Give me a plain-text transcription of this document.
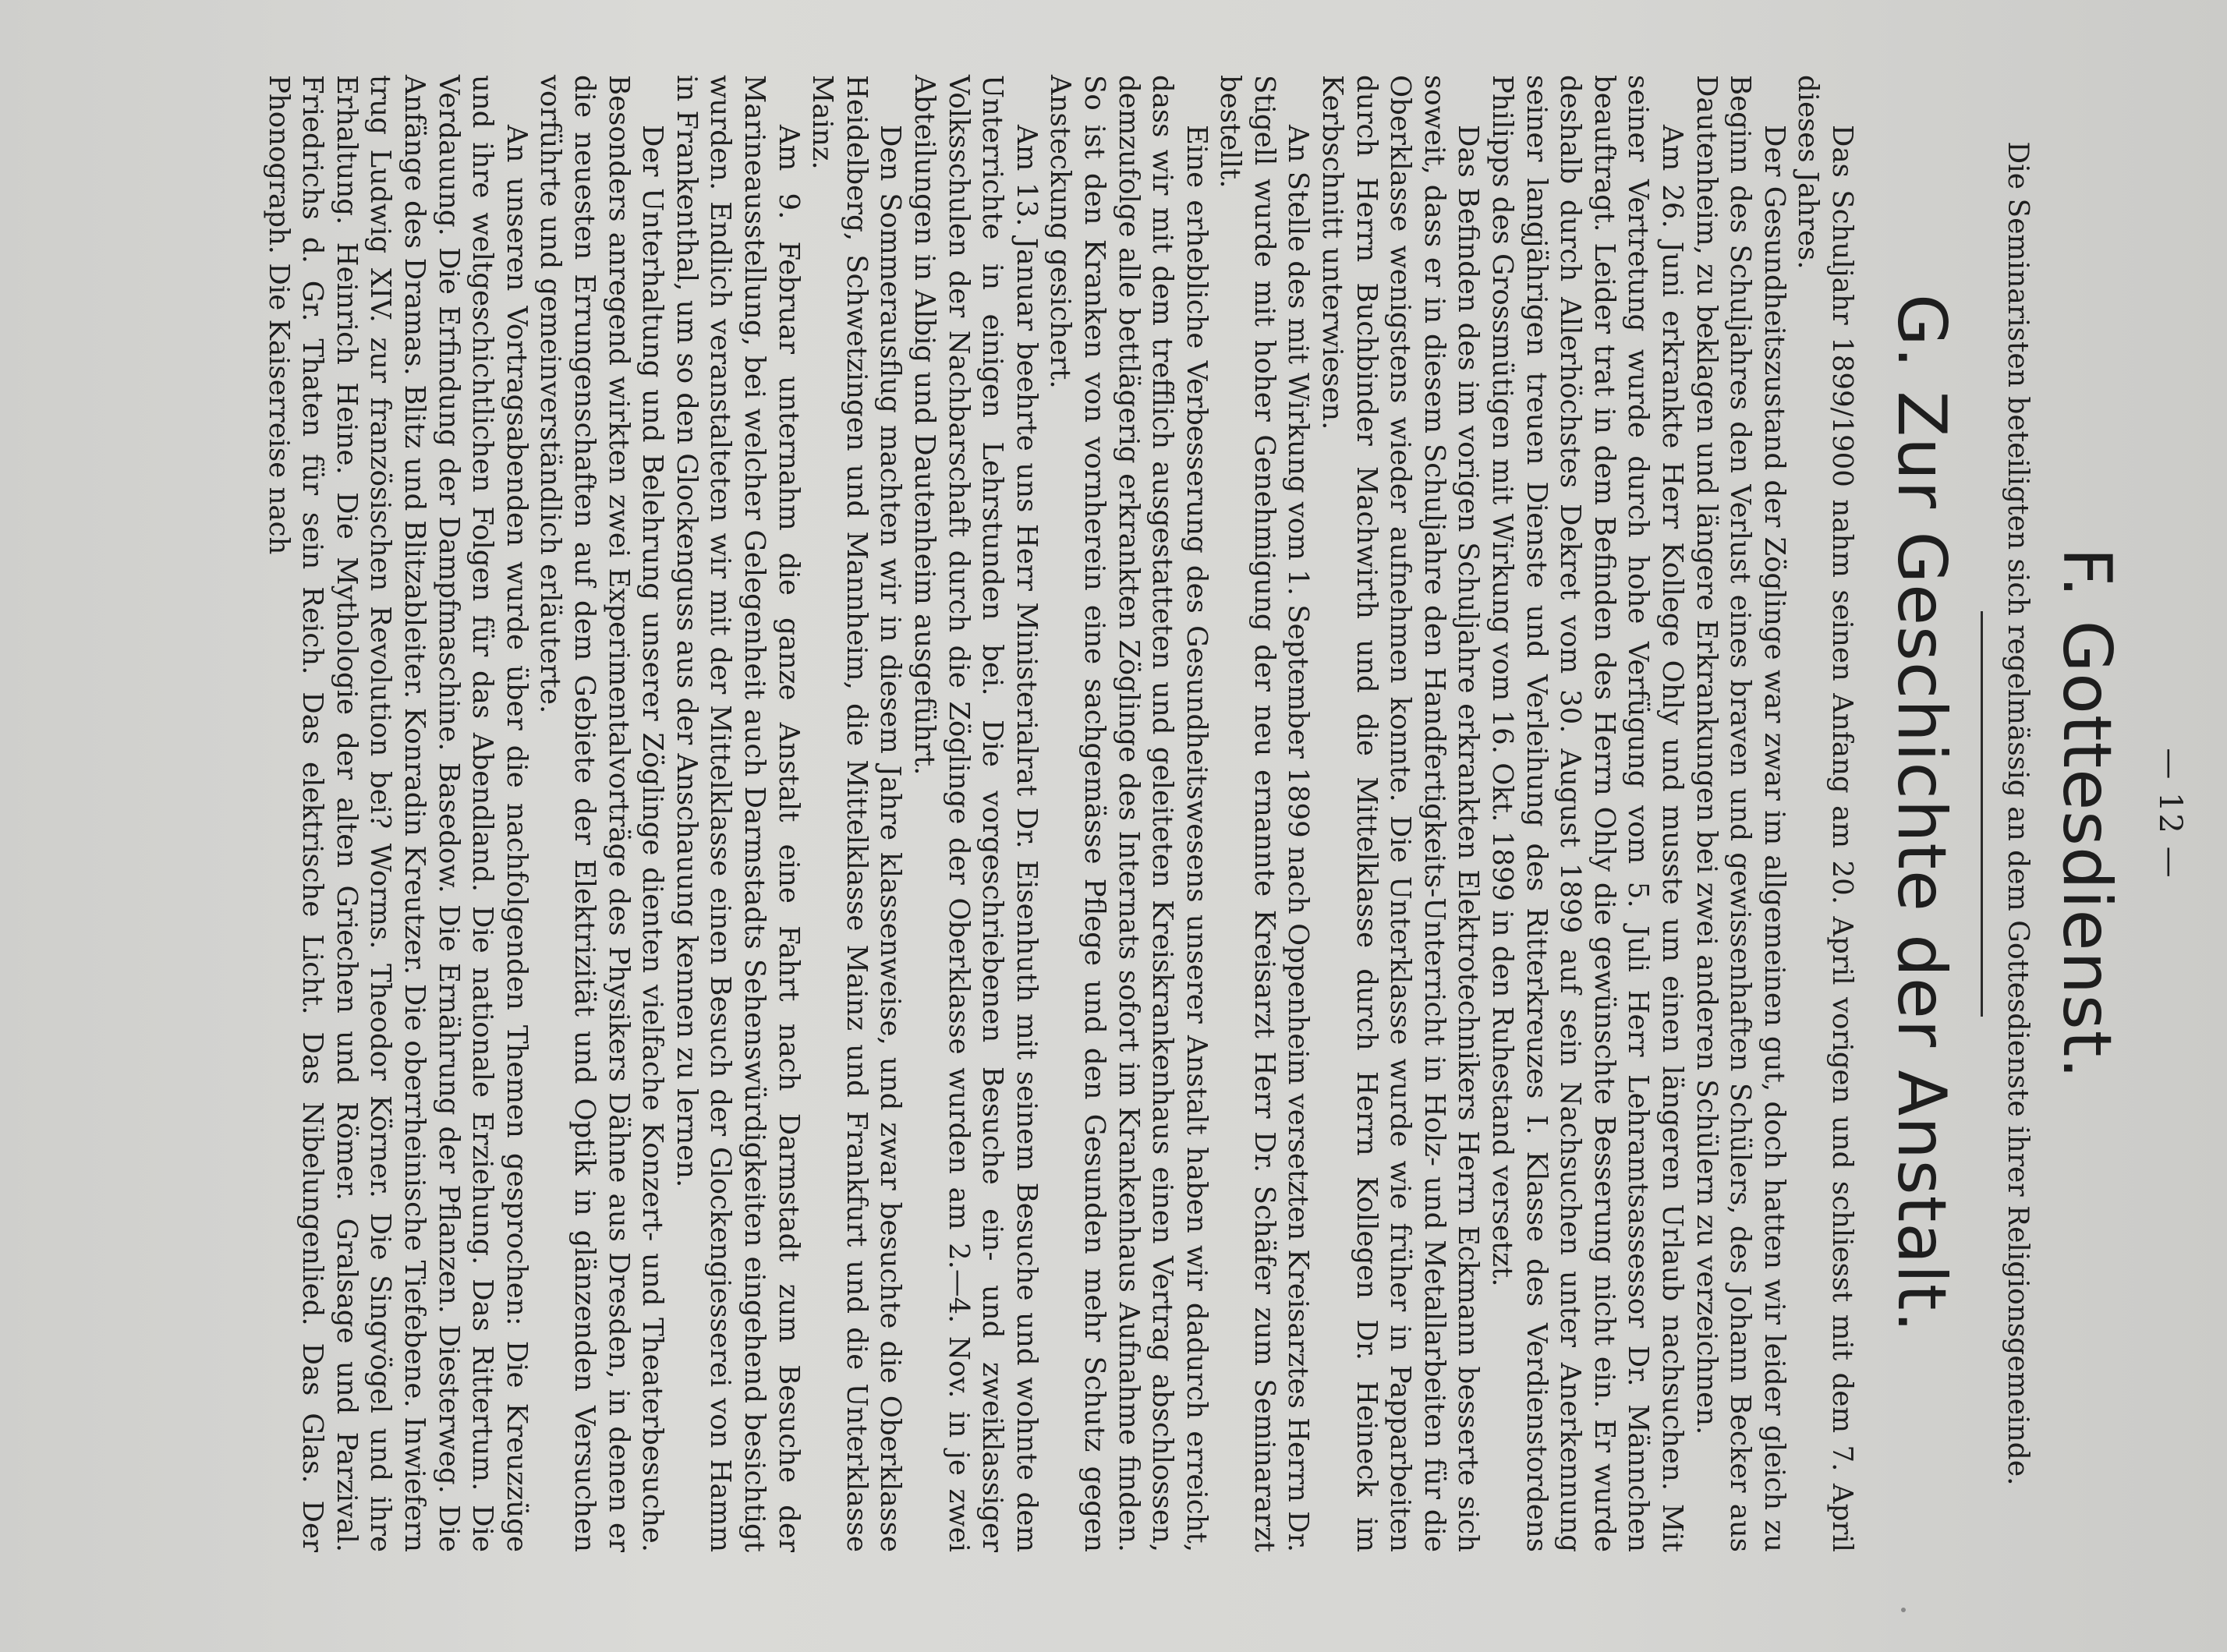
— 12 —
F. Gottesdienst.
Die Seminaristen beteiligten sich regelmässig an dem Gottesdienste ihrer Religionsgemeinde.
G. Zur Geschichte der Anstalt.

Das Schuljahr 1899/1900 nahm seinen Anfang am 20. April vorigen und schliesst mit dem 7. April dieses Jahres.

Der Gesundheitszustand der Zöglinge war zwar im allgemeinen gut, doch hatten wir leider gleich zu Beginn des Schuljahres den Verlust eines braven und gewissenhaften Schülers, des Johann Becker aus Dautenheim, zu beklagen und längere Erkrankungen bei zwei anderen Schülern zu verzeichnen.

Am 26. Juni erkrankte Herr Kollege Ohly und musste um einen längeren Urlaub nachsuchen. Mit seiner Vertretung wurde durch hohe Verfügung vom 5. Juli Herr Lehramtsassessor Dr. Männchen beauftragt. Leider trat in dem Befinden des Herrn Ohly die gewünschte Besserung nicht ein. Er wurde deshalb durch Allerhöchstes Dekret vom 30. August 1899 auf sein Nachsuchen unter Anerkennung seiner langjährigen treuen Dienste und Verleihung des Ritterkreuzes I. Klasse des Verdienstordens Philipps des Grossmütigen mit Wirkung vom 16. Okt. 1899 in den Ruhestand versetzt.

Das Befinden des im vorigen Schuljahre erkrankten Elektrotechnikers Herrn Eckmann besserte sich soweit, dass er in diesem Schuljahre den Handfertigkeits-Unterricht in Holz- und Metallarbeiten für die Oberklasse wenigstens wieder aufnehmen konnte. Die Unterklasse wurde wie früher in Papparbeiten durch Herrn Buchbinder Machwirth und die Mittelklasse durch Herrn Kollegen Dr. Heineck im Kerbschnitt unterwiesen.

An Stelle des mit Wirkung vom 1. September 1899 nach Oppenheim versetzten Kreisarztes Herrn Dr. Stigell wurde mit hoher Genehmigung der neu ernannte Kreisarzt Herr Dr. Schäfer zum Seminararzt bestellt.

Eine erhebliche Verbesserung des Gesundheitswesens unserer Anstalt haben wir dadurch erreicht, dass wir mit dem trefflich ausgestatteten und geleiteten Kreiskrankenhaus einen Vertrag abschlossen, demzufolge alle bettlägerig erkrankten Zöglinge des Internats sofort im Krankenhaus Aufnahme finden. So ist den Kranken von vornherein eine sachgemässe Pflege und den Gesunden mehr Schutz gegen Ansteckung gesichert.

Am 13. Januar beehrte uns Herr Ministerialrat Dr. Eisenhuth mit seinem Besuche und wohnte dem Unterrichte in einigen Lehrstunden bei. Die vorgeschriebenen Besuche ein- und zweiklassiger Volksschulen der Nachbarschaft durch die Zöglinge der Oberklasse wurden am 2.—4. Nov. in je zwei Abteilungen in Albig und Dautenheim ausgeführt.

Den Sommerausflug machten wir in diesem Jahre klassenweise, und zwar besuchte die Oberklasse Heidelberg, Schwetzingen und Mannheim, die Mittelklasse Mainz und Frankfurt und die Unterklasse Mainz.

Am 9. Februar unternahm die ganze Anstalt eine Fahrt nach Darmstadt zum Besuche der Marineausstellung, bei welcher Gelegenheit auch Darmstadts Sehenswürdigkeiten eingehend besichtigt wurden. Endlich veranstalteten wir mit der Mittelklasse einen Besuch der Glockengiesserei von Hamm in Frankenthal, um so den Glockenguss aus der Anschauung kennen zu lernen.

Der Unterhaltung und Belehrung unserer Zöglinge dienten vielfache Konzert- und Theaterbesuche. Besonders anregend wirkten zwei Experimentalvorträge des Physikers Dähne aus Dresden, in denen er die neuesten Errungenschaften auf dem Gebiete der Elektrizität und Optik in glänzenden Versuchen vorführte und gemeinverständlich erläuterte.

An unseren Vortragsabenden wurde über die nachfolgenden Themen gesprochen: Die Kreuzzüge und ihre weltgeschichtlichen Folgen für das Abendland. Die nationale Erziehung. Das Rittertum. Die Verdauung. Die Erfindung der Dampfmaschine. Basedow. Die Ernährung der Pflanzen. Diesterweg. Die Anfänge des Dramas. Blitz und Blitzableiter. Konradin Kreutzer. Die oberrheinische Tiefebene. Inwiefern trug Ludwig XIV. zur französischen Revolution bei? Worms. Theodor Körner. Die Singvögel und ihre Erhaltung. Heinrich Heine. Die Mythologie der alten Griechen und Römer. Gralsage und Parzival. Friedrichs d. Gr. Thaten für sein Reich. Das elektrische Licht. Das Nibelungenlied. Das Glas. Der Phonograph. Die Kaiserreise nach
